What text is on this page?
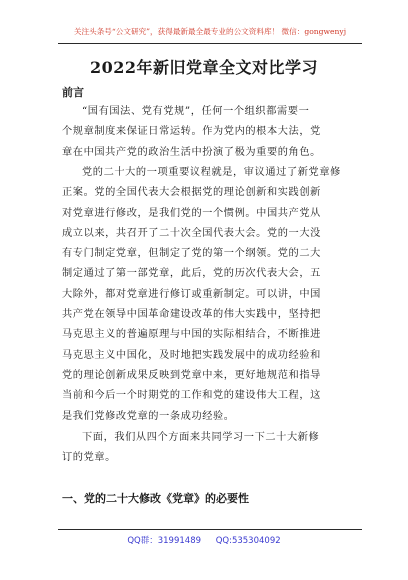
关注头条号“公文研究”，获得最新最全最专业的公文资料库！ 微信：gongwenyj
2022年新旧党章全文对比学习
前言
“国有国法、党有党规”，任何一个组织都需要一
个规章制度来保证日常运转。作为党内的根本大法，党
章在中国共产党的政治生活中扮演了极为重要的角色。
党的二十大的一项重要议程就是，审议通过了新党章修
正案。党的全国代表大会根据党的理论创新和实践创新
对党章进行修改，是我们党的一个惯例。中国共产党从
成立以来，共召开了二十次全国代表大会。党的一大没
有专门制定党章，但制定了党的第一个纲领。党的二大
制定通过了第一部党章，此后，党的历次代表大会，五
大除外，都对党章进行修订或重新制定。可以讲，中国
共产党在领导中国革命建设改革的伟大实践中，坚持把
马克思主义的普遍原理与中国的实际相结合，不断推进
马克思主义中国化，及时地把实践发展中的成功经验和
党的理论创新成果反映到党章中来，更好地规范和指导
当前和今后一个时期党的工作和党的建设伟大工程，这
是我们党修改党章的一条成功经验。
下面，我们从四个方面来共同学习一下二十大新修
订的党章。
一、党的二十大修改《党章》的必要性
QQ群：31991489 QQ:535304092
